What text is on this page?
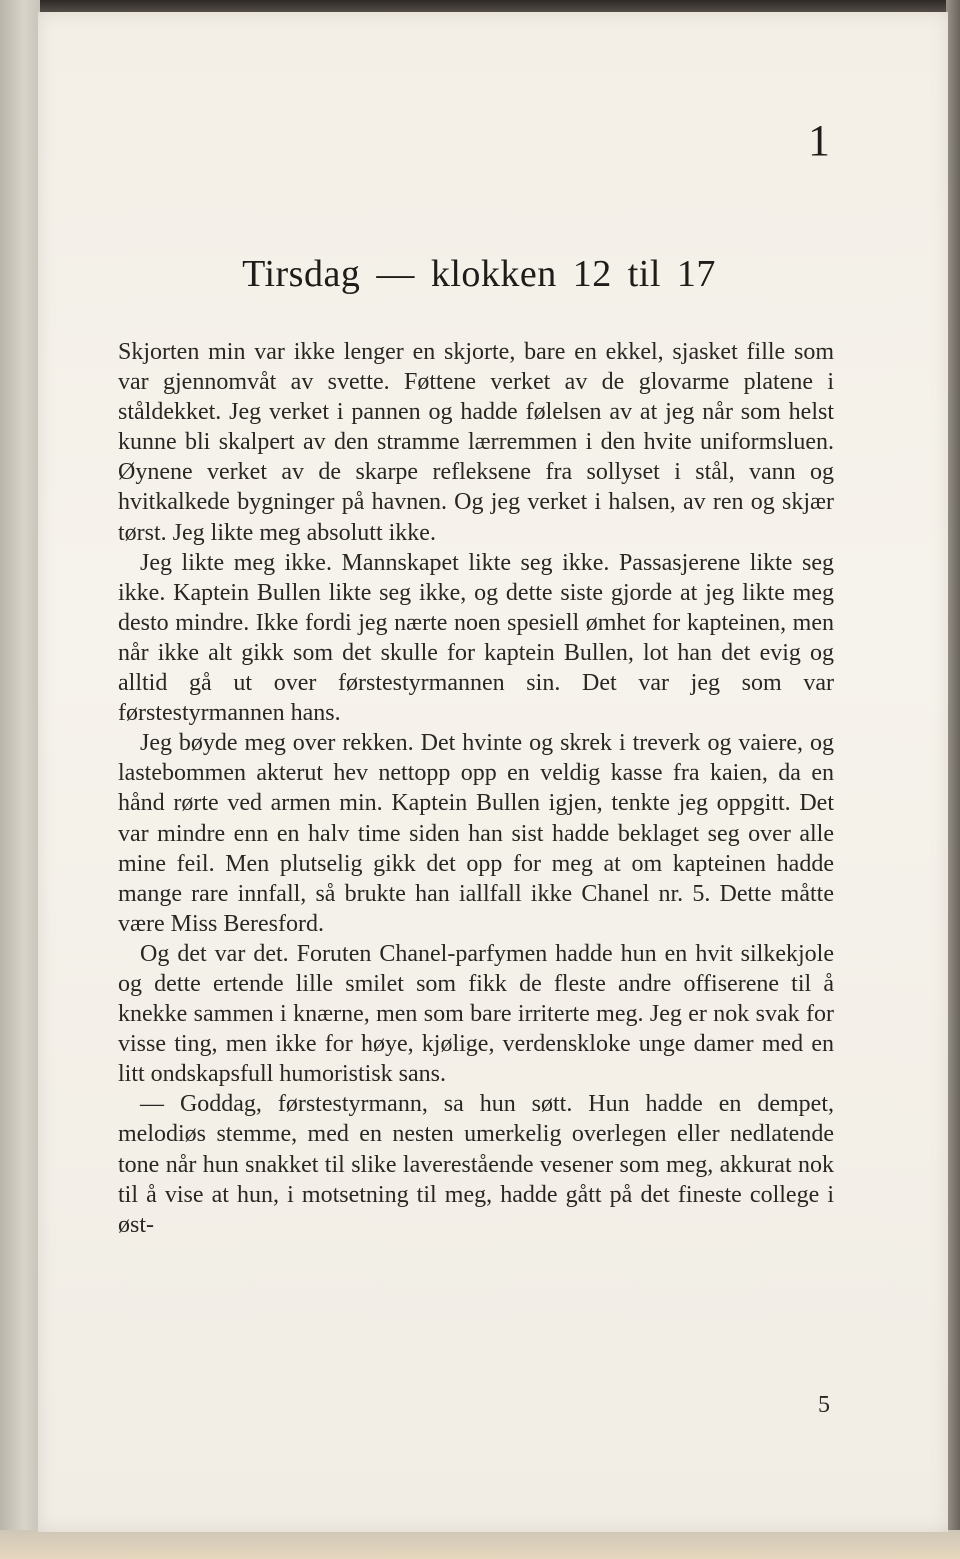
1
Tirsdag — klokken 12 til 17

Skjorten min var ikke lenger en skjorte, bare en ekkel, sjasket fille som var gjennomvåt av svette. Føttene verket av de glovarme platene i ståldekket. Jeg verket i pannen og hadde følelsen av at jeg når som helst kunne bli skalpert av den stramme lærremmen i den hvite uniformsluen. Øynene verket av de skarpe refleksene fra sollyset i stål, vann og hvitkalkede bygninger på havnen. Og jeg verket i halsen, av ren og skjær tørst. Jeg likte meg absolutt ikke.

Jeg likte meg ikke. Mannskapet likte seg ikke. Passasjerene likte seg ikke. Kaptein Bullen likte seg ikke, og dette siste gjorde at jeg likte meg desto mindre. Ikke fordi jeg nærte noen spesiell ømhet for kapteinen, men når ikke alt gikk som det skulle for kaptein Bullen, lot han det evig og alltid gå ut over førstestyrmannen sin. Det var jeg som var førstestyrmannen hans.

Jeg bøyde meg over rekken. Det hvinte og skrek i treverk og vaiere, og lastebommen akterut hev nettopp opp en veldig kasse fra kaien, da en hånd rørte ved armen min. Kaptein Bullen igjen, tenkte jeg oppgitt. Det var mindre enn en halv time siden han sist hadde beklaget seg over alle mine feil. Men plutselig gikk det opp for meg at om kapteinen hadde mange rare innfall, så brukte han iallfall ikke Chanel nr. 5. Dette måtte være Miss Beresford.

Og det var det. Foruten Chanel-parfymen hadde hun en hvit silkekjole og dette ertende lille smilet som fikk de fleste andre offiserene til å knekke sammen i knærne, men som bare irriterte meg. Jeg er nok svak for visse ting, men ikke for høye, kjølige, verdenskloke unge damer med en litt ondskapsfull humoristisk sans.

— Goddag, førstestyrmann, sa hun søtt. Hun hadde en dempet, melodiøs stemme, med en nesten umerkelig overlegen eller nedlatende tone når hun snakket til slike laverestående vesener som meg, akkurat nok til å vise at hun, i motsetning til meg, hadde gått på det fineste college i øst-

5
